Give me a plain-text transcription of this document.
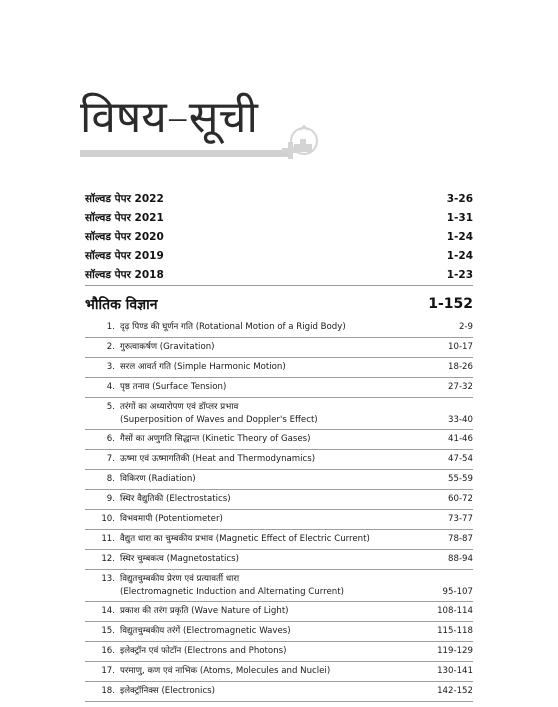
विषय–सूची
सॉल्वड पेपर 2022	3-26
सॉल्वड पेपर 2021	1-31
सॉल्वड पेपर 2020	1-24
सॉल्वड पेपर 2019	1-24
सॉल्वड पेपर 2018	1-23
भौतिक विज्ञान	1-152
1. दृढ़ पिण्ड की घूर्णन गति (Rotational Motion of a Rigid Body)	2-9
2. गुरुत्वाकर्षण (Gravitation)	10-17
3. सरल आवर्त गति (Simple Harmonic Motion)	18-26
4. पृष्ठ तनाव (Surface Tension)	27-32
5. तरंगों का अध्यारोपण एवं डॉप्लर प्रभाव
(Superposition of Waves and Doppler's Effect)	33-40
6. गैसों का अणुगति सिद्धान्त (Kinetic Theory of Gases)	41-46
7. ऊष्मा एवं ऊष्मागतिकी (Heat and Thermodynamics)	47-54
8. विकिरण (Radiation)	55-59
9. स्थिर वैद्युतिकी (Electrostatics)	60-72
10. विभवमापी (Potentiometer)	73-77
11. वैद्युत धारा का चुम्बकीय प्रभाव (Magnetic Effect of Electric Current)	78-87
12. स्थिर चुम्बकत्व (Magnetostatics)	88-94
13. विद्युतचुम्बकीय प्रेरण एवं प्रत्यावर्ती धारा
(Electromagnetic Induction and Alternating Current)	95-107
14. प्रकाश की तरंग प्रकृति (Wave Nature of Light)	108-114
15. विद्युतचुम्बकीय तरंगें (Electromagnetic Waves)	115-118
16. इलेक्ट्रॉन एवं फोटॉन (Electrons and Photons)	119-129
17. परमाणु, कण एवं नाभिक (Atoms, Molecules and Nuclei)	130-141
18. इलेक्ट्रॉनिक्स (Electronics)	142-152
